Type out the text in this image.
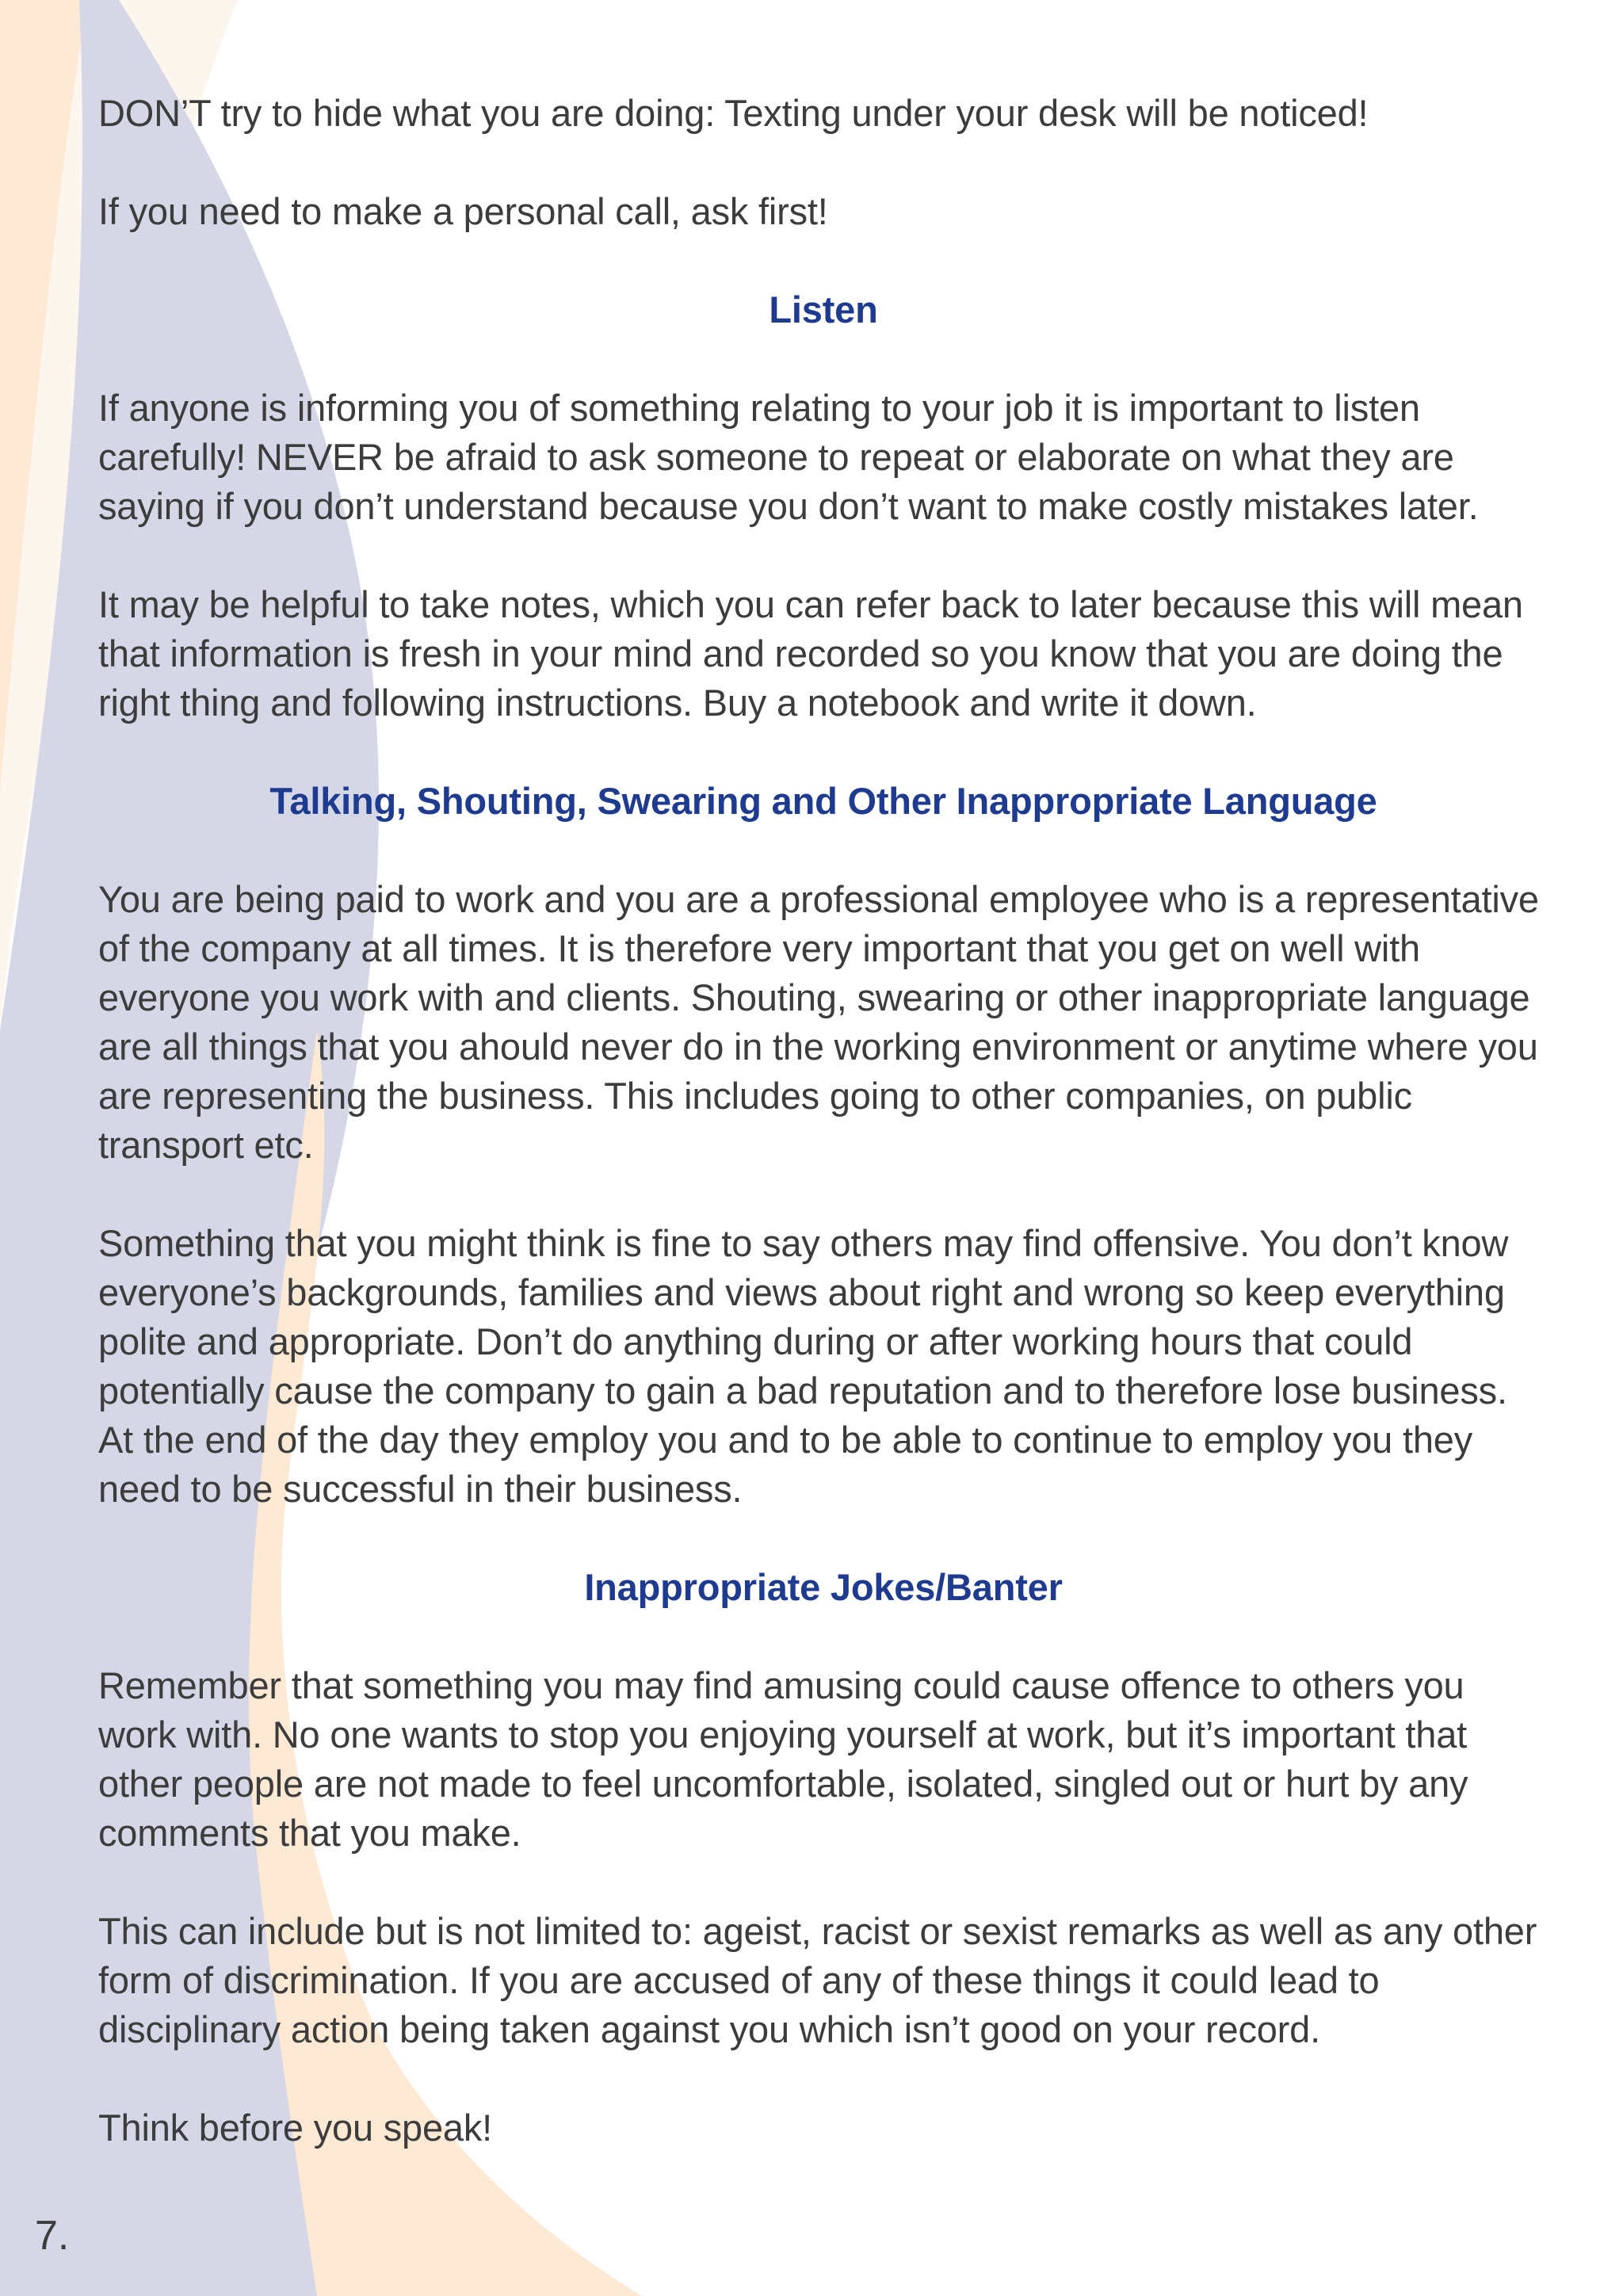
DON’T try to hide what you are doing: Texting under your desk will be noticed!

If you need to make a personal call, ask first!

Listen

If anyone is informing you of something relating to your job it is important to listen carefully! NEVER be afraid to ask someone to repeat or elaborate on what they are saying if you don’t understand because you don’t want to make costly mistakes later.

It may be helpful to take notes, which you can refer back to later because this will mean that information is fresh in your mind and recorded so you know that you are doing the right thing and following instructions. Buy a notebook and write it down.

Talking, Shouting, Swearing and Other Inappropriate Language

You are being paid to work and you are a professional employee who is a representative of the company at all times. It is therefore very important that you get on well with everyone you work with and clients. Shouting, swearing or other inappropriate language are all things that you ahould never do in the working environment or anytime where you are representing the business. This includes going to other companies, on public transport etc.

Something that you might think is fine to say others may find offensive. You don’t know everyone’s backgrounds, families and views about right and wrong so keep everything polite and appropriate. Don’t do anything during or after working hours that could potentially cause the company to gain a bad reputation and to therefore lose business. At the end of the day they employ you and to be able to continue to employ you they need to be successful in their business.

Inappropriate Jokes/Banter

Remember that something you may find amusing could cause offence to others you work with. No one wants to stop you enjoying yourself at work, but it’s important that other people are not made to feel uncomfortable, isolated, singled out or hurt by any comments that you make.

This can include but is not limited to: ageist, racist or sexist remarks as well as any other form of discrimination. If you are accused of any of these things it could lead to disciplinary action being taken against you which isn’t good on your record.

Think before you speak!

7.
